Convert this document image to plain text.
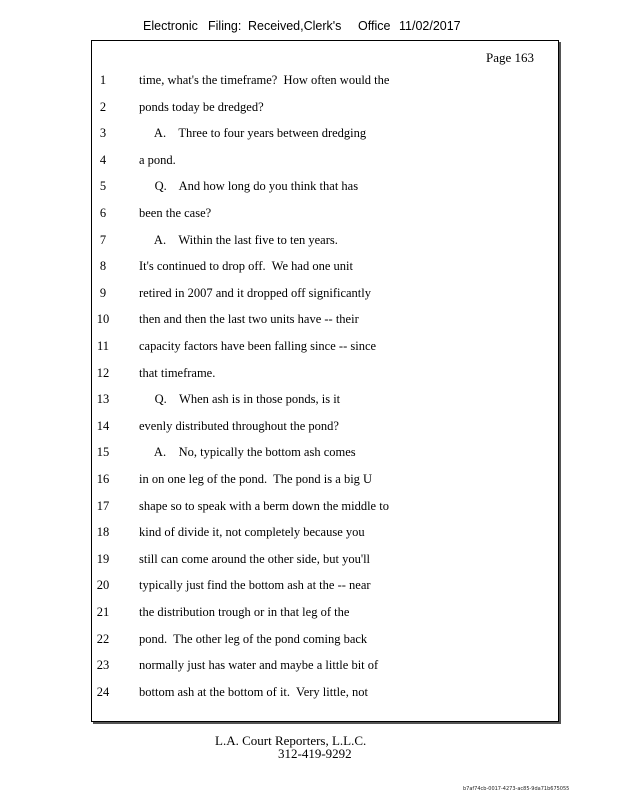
Electronic Filing: Received,Clerk's Office 11/02/2017
Page 163
1	time, what's the timeframe?  How often would the
2	ponds today be dredged?
3	A.    Three to four years between dredging
4	a pond.
5	Q.    And how long do you think that has
6	been the case?
7	A.    Within the last five to ten years.
8	It's continued to drop off.  We had one unit
9	retired in 2007 and it dropped off significantly
10	then and then the last two units have -- their
11	capacity factors have been falling since -- since
12	that timeframe.
13	Q.    When ash is in those ponds, is it
14	evenly distributed throughout the pond?
15	A.    No, typically the bottom ash comes
16	in on one leg of the pond.  The pond is a big U
17	shape so to speak with a berm down the middle to
18	kind of divide it, not completely because you
19	still can come around the other side, but you'll
20	typically just find the bottom ash at the -- near
21	the distribution trough or in that leg of the
22	pond.  The other leg of the pond coming back
23	normally just has water and maybe a little bit of
24	bottom ash at the bottom of it.  Very little, not
L.A. Court Reporters, L.L.C.
312-419-9292
b7af74cb-0017-4273-ac85-9da71b675055
